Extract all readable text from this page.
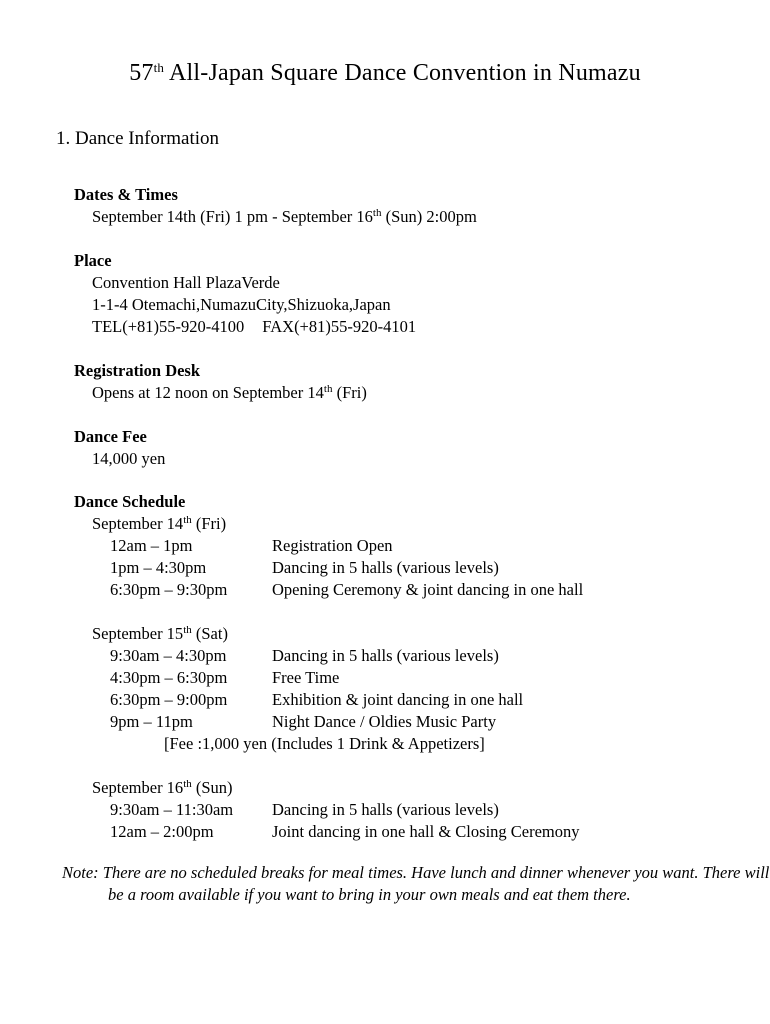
57th All-Japan Square Dance Convention in Numazu
1. Dance Information
Dates & Times
September 14th (Fri) 1 pm - September 16th (Sun) 2:00pm
Place
Convention Hall PlazaVerde
1-1-4 Otemachi,NumazuCity,Shizuoka,Japan
TEL(+81)55-920-4100 FAX(+81)55-920-4101
Registration Desk
Opens at 12 noon on September 14th (Fri)
Dance Fee
14,000 yen
Dance Schedule
September 14th (Fri)
12am – 1pm	Registration Open
1pm – 4:30pm	Dancing in 5 halls (various levels)
6:30pm – 9:30pm	Opening Ceremony & joint dancing in one hall
September 15th (Sat)
9:30am – 4:30pm	Dancing in 5 halls (various levels)
4:30pm – 6:30pm	Free Time
6:30pm – 9:00pm	Exhibition & joint dancing in one hall
9pm – 11pm	Night Dance / Oldies Music Party
[Fee :1,000 yen (Includes 1 Drink & Appetizers]
September 16th (Sun)
9:30am – 11:30am	Dancing in 5 halls (various levels)
12am – 2:00pm	Joint dancing in one hall & Closing Ceremony

Note: There are no scheduled breaks for meal times. Have lunch and dinner whenever you want. There will be a room available if you want to bring in your own meals and eat them there.
